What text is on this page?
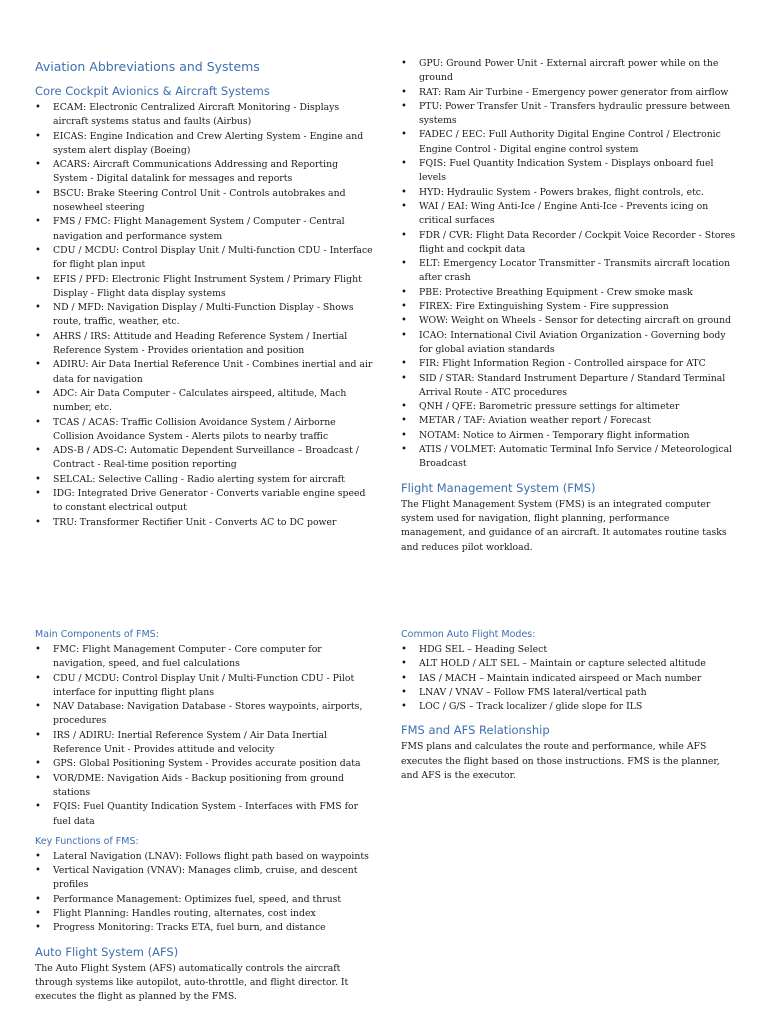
Aviation Abbreviations and Systems
Core Cockpit Avionics & Aircraft Systems
• ECAM: Electronic Centralized Aircraft Monitoring - Displays aircraft systems status and faults (Airbus)
• EICAS: Engine Indication and Crew Alerting System - Engine and system alert display (Boeing)
• ACARS: Aircraft Communications Addressing and Reporting System - Digital datalink for messages and reports
• BSCU: Brake Steering Control Unit - Controls autobrakes and nosewheel steering
• FMS / FMC: Flight Management System / Computer - Central navigation and performance system
• CDU / MCDU: Control Display Unit / Multi-function CDU - Interface for flight plan input
• EFIS / PFD: Electronic Flight Instrument System / Primary Flight Display - Flight data display systems
• ND / MFD: Navigation Display / Multi-Function Display - Shows route, traffic, weather, etc.
• AHRS / IRS: Attitude and Heading Reference System / Inertial Reference System - Provides orientation and position
• ADIRU: Air Data Inertial Reference Unit - Combines inertial and air data for navigation
• ADC: Air Data Computer - Calculates airspeed, altitude, Mach number, etc.
• TCAS / ACAS: Traffic Collision Avoidance System / Airborne Collision Avoidance System - Alerts pilots to nearby traffic
• ADS-B / ADS-C: Automatic Dependent Surveillance – Broadcast / Contract - Real-time position reporting
• SELCAL: Selective Calling - Radio alerting system for aircraft
• IDG: Integrated Drive Generator - Converts variable engine speed to constant electrical output
• TRU: Transformer Rectifier Unit - Converts AC to DC power
• GPU: Ground Power Unit - External aircraft power while on the ground
• RAT: Ram Air Turbine - Emergency power generator from airflow
• PTU: Power Transfer Unit - Transfers hydraulic pressure between systems
• FADEC / EEC: Full Authority Digital Engine Control / Electronic Engine Control - Digital engine control system
• FQIS: Fuel Quantity Indication System - Displays onboard fuel levels
• HYD: Hydraulic System - Powers brakes, flight controls, etc.
• WAI / EAI: Wing Anti-Ice / Engine Anti-Ice - Prevents icing on critical surfaces
• FDR / CVR: Flight Data Recorder / Cockpit Voice Recorder - Stores flight and cockpit data
• ELT: Emergency Locator Transmitter - Transmits aircraft location after crash
• PBE: Protective Breathing Equipment - Crew smoke mask
• FIREX: Fire Extinguishing System - Fire suppression
• WOW: Weight on Wheels - Sensor for detecting aircraft on ground
• ICAO: International Civil Aviation Organization - Governing body for global aviation standards
• FIR: Flight Information Region - Controlled airspace for ATC
• SID / STAR: Standard Instrument Departure / Standard Terminal Arrival Route - ATC procedures
• QNH / QFE: Barometric pressure settings for altimeter
• METAR / TAF: Aviation weather report / Forecast
• NOTAM: Notice to Airmen - Temporary flight information
• ATIS / VOLMET: Automatic Terminal Info Service / Meteorological Broadcast
Flight Management System (FMS)

The Flight Management System (FMS) is an integrated computer system used for navigation, flight planning, performance management, and guidance of an aircraft. It automates routine tasks and reduces pilot workload.

Main Components of FMS:
• FMC: Flight Management Computer - Core computer for navigation, speed, and fuel calculations
• CDU / MCDU: Control Display Unit / Multi-Function CDU - Pilot interface for inputting flight plans
• NAV Database: Navigation Database - Stores waypoints, airports, procedures
• IRS / ADIRU: Inertial Reference System / Air Data Inertial Reference Unit - Provides attitude and velocity
• GPS: Global Positioning System - Provides accurate position data
• VOR/DME: Navigation Aids - Backup positioning from ground stations
• FQIS: Fuel Quantity Indication System - Interfaces with FMS for fuel data
Key Functions of FMS:
• Lateral Navigation (LNAV): Follows flight path based on waypoints
• Vertical Navigation (VNAV): Manages climb, cruise, and descent profiles
• Performance Management: Optimizes fuel, speed, and thrust
• Flight Planning: Handles routing, alternates, cost index
• Progress Monitoring: Tracks ETA, fuel burn, and distance
Auto Flight System (AFS)

The Auto Flight System (AFS) automatically controls the aircraft through systems like autopilot, auto-throttle, and flight director. It executes the flight as planned by the FMS.

Common Auto Flight Modes:
• HDG SEL – Heading Select
• ALT HOLD / ALT SEL – Maintain or capture selected altitude
• IAS / MACH – Maintain indicated airspeed or Mach number
• LNAV / VNAV – Follow FMS lateral/vertical path
• LOC / G/S – Track localizer / glide slope for ILS
FMS and AFS Relationship

FMS plans and calculates the route and performance, while AFS executes the flight based on those instructions. FMS is the planner, and AFS is the executor.
